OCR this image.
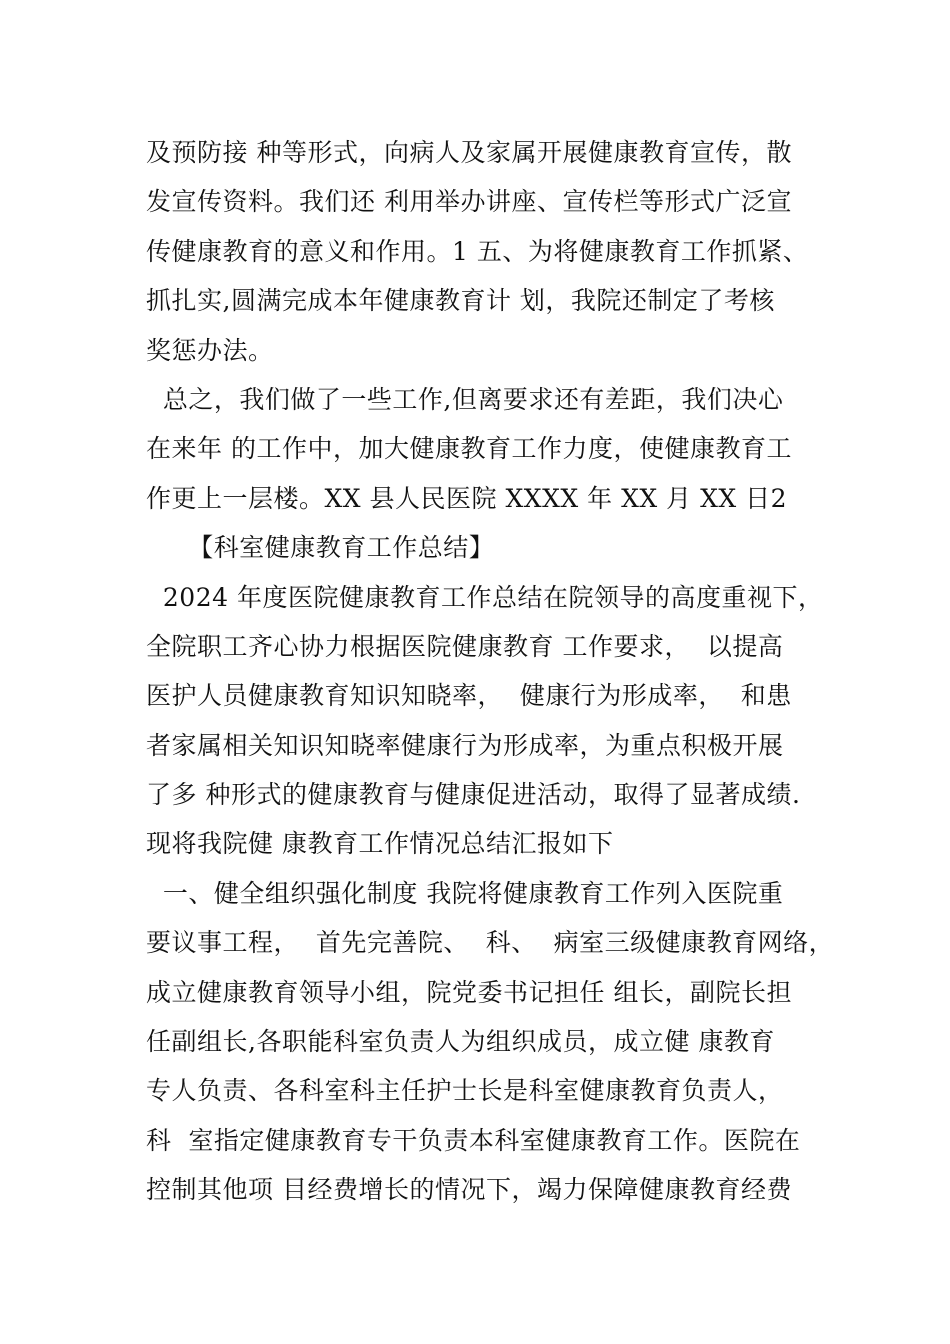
及预防接 种等形式，向病人及家属开展健康教育宣传，散
发宣传资料。我们还 利用举办讲座、宣传栏等形式广泛宣
传健康教育的意义和作用。1 五、为将健康教育工作抓紧、
抓扎实,圆满完成本年健康教育计 划，我院还制定了考核
奖惩办法。
总之，我们做了一些工作,但离要求还有差距，我们决心
在来年 的工作中，加大健康教育工作力度，使健康教育工
作更上一层楼。XX 县人民医院 XXXX 年 XX 月 XX 日2
【科室健康教育工作总结】
2024 年度医院健康教育工作总结在院领导的高度重视下，
全院职工齐心协力根据医院健康教育 工作要求，  以提高
医护人员健康教育知识知晓率，  健康行为形成率，  和患
者家属相关知识知晓率健康行为形成率，为重点积极开展
了多 种形式的健康教育与健康促进活动，取得了显著成绩.
现将我院健 康教育工作情况总结汇报如下
一、健全组织强化制度 我院将健康教育工作列入医院重
要议事工程，  首先完善院、  科、  病室三级健康教育网络，
成立健康教育领导小组，院党委书记担任 组长，副院长担
任副组长,各职能科室负责人为组织成员，成立健 康教育
专人负责、各科室科主任护士长是科室健康教育负责人，
科  室指定健康教育专干负责本科室健康教育工作。医院在
控制其他项 目经费增长的情况下，竭力保障健康教育经费
